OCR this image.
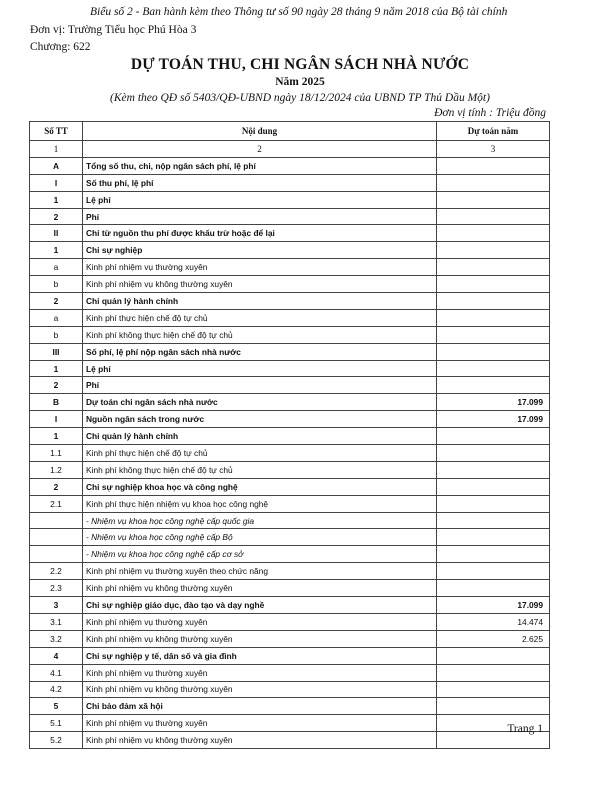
Biểu số 2 - Ban hành kèm theo Thông tư số 90 ngày 28 tháng 9 năm 2018 của Bộ tài chính
Đơn vị: Trường Tiểu học Phú Hòa 3
Chương: 622
DỰ TOÁN THU, CHI NGÂN SÁCH NHÀ NƯỚC
Năm 2025
(Kèm theo QĐ số 5403/QĐ-UBND ngày 18/12/2024 của UBND TP Thủ Dầu Một)
Đơn vị tính : Triệu đồng
Số TT	Nội dung	Dự toán năm
1	2	3
A	Tổng số thu, chi, nộp ngân sách phí, lệ phí	
I	Số thu phí, lệ phí	
1	Lệ phí	
2	Phí	
II	Chi từ nguồn thu phí được khấu trừ hoặc để lại	
1	Chi sự nghiệp	
a	Kinh phí nhiệm vụ thường xuyên	
b	Kinh phí nhiệm vụ không thường xuyên	
2	Chi quản lý hành chính	
a	Kinh phí thực hiện chế độ tự chủ	
b	Kinh phí không thực hiện chế độ tự chủ	
III	Số phí, lệ phí nộp ngân sách nhà nước	
1	Lệ phí	
2	Phí	
B	Dự toán chi ngân sách nhà nước	17.099
I	Nguồn ngân sách trong nước	17.099
1	Chi quản lý hành chính	
1.1	Kinh phí thực hiện chế độ tự chủ	
1.2	Kinh phí không thực hiện chế độ tự chủ	
2	Chi sự nghiệp khoa học và công nghệ	
2.1	Kinh phí thực hiện nhiệm vụ khoa học công nghệ	
	- Nhiệm vụ khoa học công nghệ cấp quốc gia	
	- Nhiệm vụ khoa học công nghệ cấp Bộ	
	- Nhiệm vụ khoa học công nghệ cấp cơ sở	
2.2	Kinh phí nhiệm vụ thường xuyên theo chức năng	
2.3	Kinh phí nhiệm vụ không thường xuyên	
3	Chi sự nghiệp giáo dục, đào tạo và dạy nghề	17.099
3.1	Kinh phí nhiệm vụ thường xuyên	14.474
3.2	Kinh phí nhiệm vụ không thường xuyên	2.625
4	Chi sự nghiệp y tế, dân số và gia đình	
4.1	Kinh phí nhiệm vụ thường xuyên	
4.2	Kinh phí nhiệm vụ không thường xuyên	
5	Chi bảo đảm xã hội	
5.1	Kinh phí nhiệm vụ thường xuyên	
5.2	Kinh phí nhiệm vụ không thường xuyên	
Trang 1
